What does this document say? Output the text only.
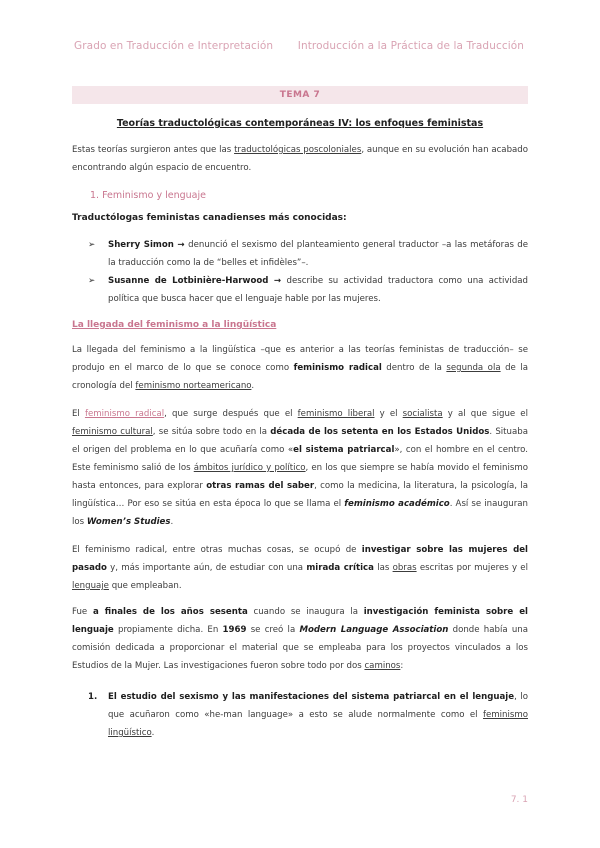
Grado en Traducción e Interpretación Introducción a la Práctica de la Traducción
TEMA 7
Teorías traductológicas contemporáneas IV: los enfoques feministas
Estas teorías surgieron antes que las traductológicas poscoloniales, aunque en su evolución han acabado encontrando algún espacio de encuentro.
1. Feminismo y lenguaje
Traductólogas feministas canadienses más conocidas:
➢ Sherry Simon → denunció el sexismo del planteamiento general traductor –a las metáforas de la traducción como la de “belles et infidèles”–.
➢ Susanne de Lotbinière-Harwood → describe su actividad traductora como una actividad política que busca hacer que el lenguaje hable por las mujeres.
La llegada del feminismo a la lingüística
La llegada del feminismo a la lingüística –que es anterior a las teorías feministas de traducción– se produjo en el marco de lo que se conoce como feminismo radical dentro de la segunda ola de la cronología del feminismo norteamericano.
El feminismo radical, que surge después que el feminismo liberal y el socialista y al que sigue el feminismo cultural, se sitúa sobre todo en la década de los setenta en los Estados Unidos. Situaba el origen del problema en lo que acuñaría como «el sistema patriarcal», con el hombre en el centro. Este feminismo salió de los ámbitos jurídico y político, en los que siempre se había movido el feminismo hasta entonces, para explorar otras ramas del saber, como la medicina, la literatura, la psicología, la lingüística… Por eso se sitúa en esta época lo que se llama el feminismo académico. Así se inauguran los Women’s Studies.
El feminismo radical, entre otras muchas cosas, se ocupó de investigar sobre las mujeres del pasado y, más importante aún, de estudiar con una mirada crítica las obras escritas por mujeres y el lenguaje que empleaban.
Fue a finales de los años sesenta cuando se inaugura la investigación feminista sobre el lenguaje propiamente dicha. En 1969 se creó la Modern Language Association donde había una comisión dedicada a proporcionar el material que se empleaba para los proyectos vinculados a los Estudios de la Mujer. Las investigaciones fueron sobre todo por dos caminos:
1. El estudio del sexismo y las manifestaciones del sistema patriarcal en el lenguaje, lo que acuñaron como «he-man language» a esto se alude normalmente como el feminismo lingüístico.
7. 1
